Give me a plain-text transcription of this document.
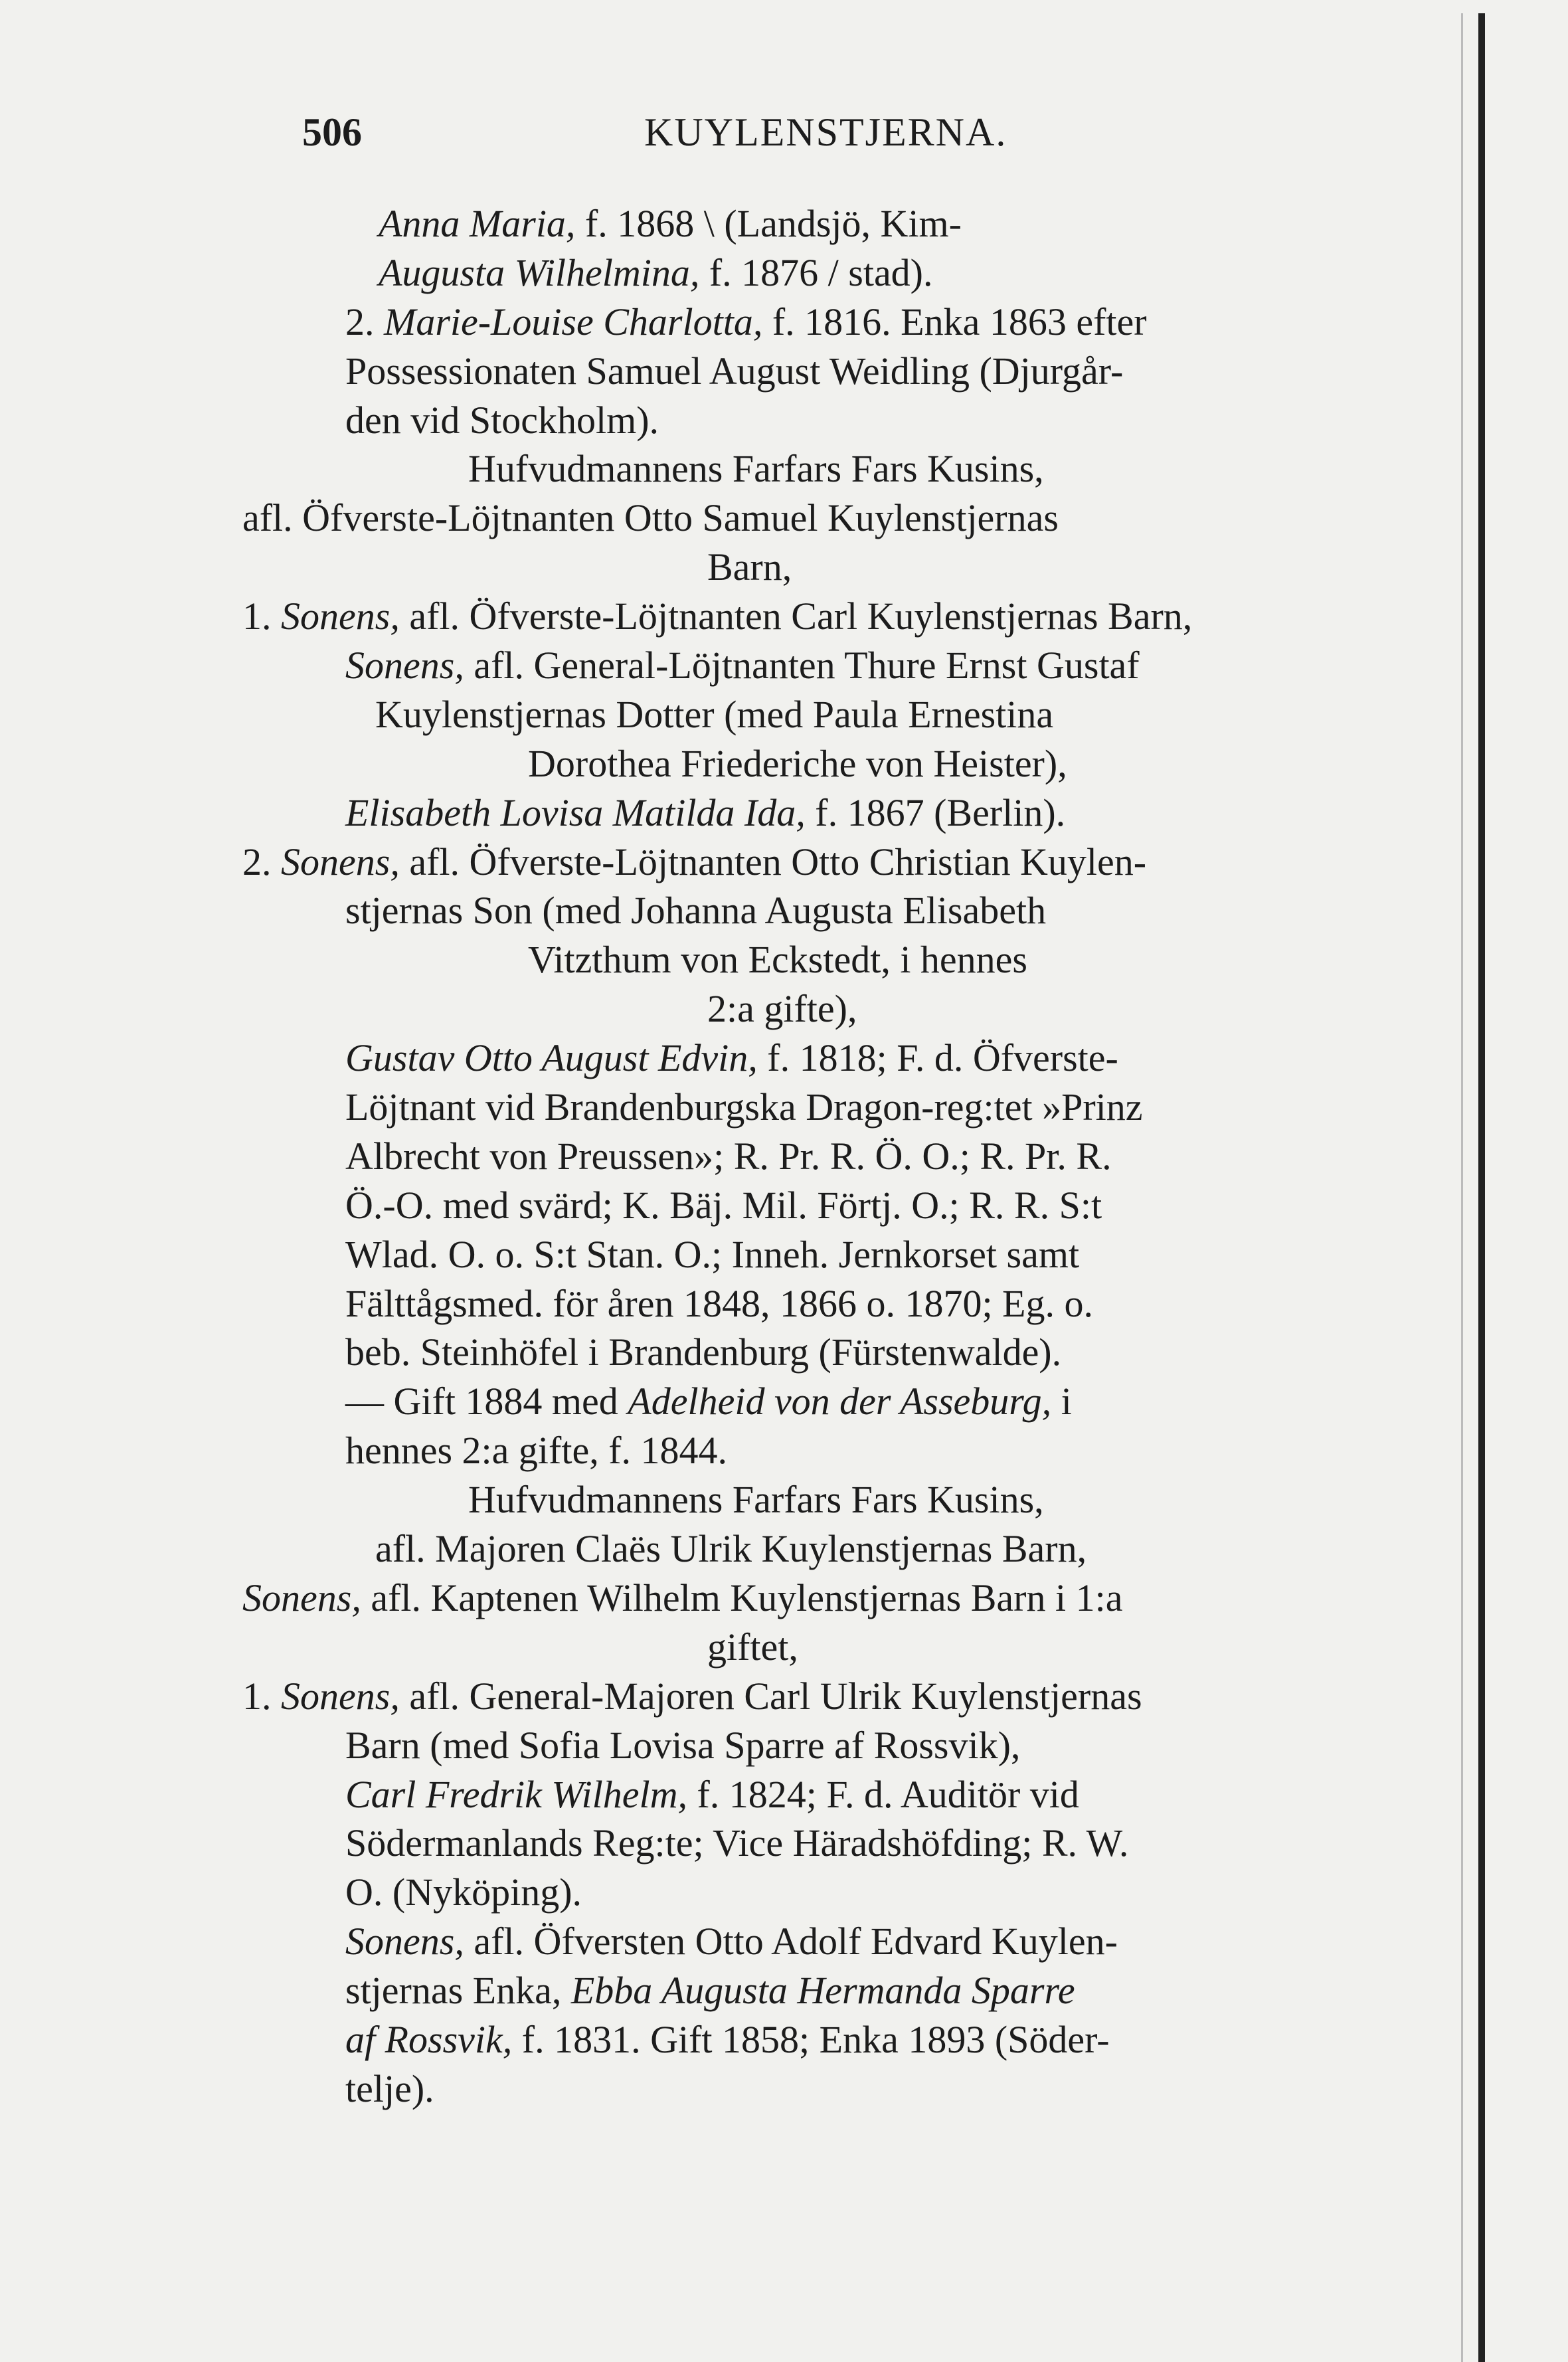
506	KUYLENSTJERNA.
Anna Maria, f. 1868 \ (Landsjö, Kim-
Augusta Wilhelmina, f. 1876 / stad).
2. Marie-Louise Charlotta, f. 1816. Enka 1863 efter
Possessionaten Samuel August Weidling (Djurgår-
den vid Stockholm).
Hufvudmannens Farfars Fars Kusins,
afl. Öfverste-Löjtnanten Otto Samuel Kuylenstjernas
Barn,
1. Sonens, afl. Öfverste-Löjtnanten Carl Kuylenstjernas Barn,
Sonens, afl. General-Löjtnanten Thure Ernst Gustaf
Kuylenstjernas Dotter (med Paula Ernestina
Dorothea Friederiche von Heister),
Elisabeth Lovisa Matilda Ida, f. 1867 (Berlin).
2. Sonens, afl. Öfverste-Löjtnanten Otto Christian Kuylen-
stjernas Son (med Johanna Augusta Elisabeth
Vitzthum von Eckstedt, i hennes
2:a gifte),
Gustav Otto August Edvin, f. 1818; F. d. Öfverste-
Löjtnant vid Brandenburgska Dragon-reg:tet »Prinz
Albrecht von Preussen»; R. Pr. R. Ö. O.; R. Pr. R.
Ö.-O. med svärd; K. Bäj. Mil. Förtj. O.; R. R. S:t
Wlad. O. o. S:t Stan. O.; Inneh. Jernkorset samt
Fälttågsmed. för åren 1848, 1866 o. 1870; Eg. o.
beb. Steinhöfel i Brandenburg (Fürstenwalde).
— Gift 1884 med Adelheid von der Asseburg, i
hennes 2:a gifte, f. 1844.
Hufvudmannens Farfars Fars Kusins,
afl. Majoren Claës Ulrik Kuylenstjernas Barn,
Sonens, afl. Kaptenen Wilhelm Kuylenstjernas Barn i 1:a
giftet,
1. Sonens, afl. General-Majoren Carl Ulrik Kuylenstjernas
Barn (med Sofia Lovisa Sparre af Rossvik),
Carl Fredrik Wilhelm, f. 1824; F. d. Auditör vid
Södermanlands Reg:te; Vice Häradshöfding; R. W.
O. (Nyköping).
Sonens, afl. Öfversten Otto Adolf Edvard Kuylen-
stjernas Enka, Ebba Augusta Hermanda Sparre
af Rossvik, f. 1831. Gift 1858; Enka 1893 (Söder-
telje).
